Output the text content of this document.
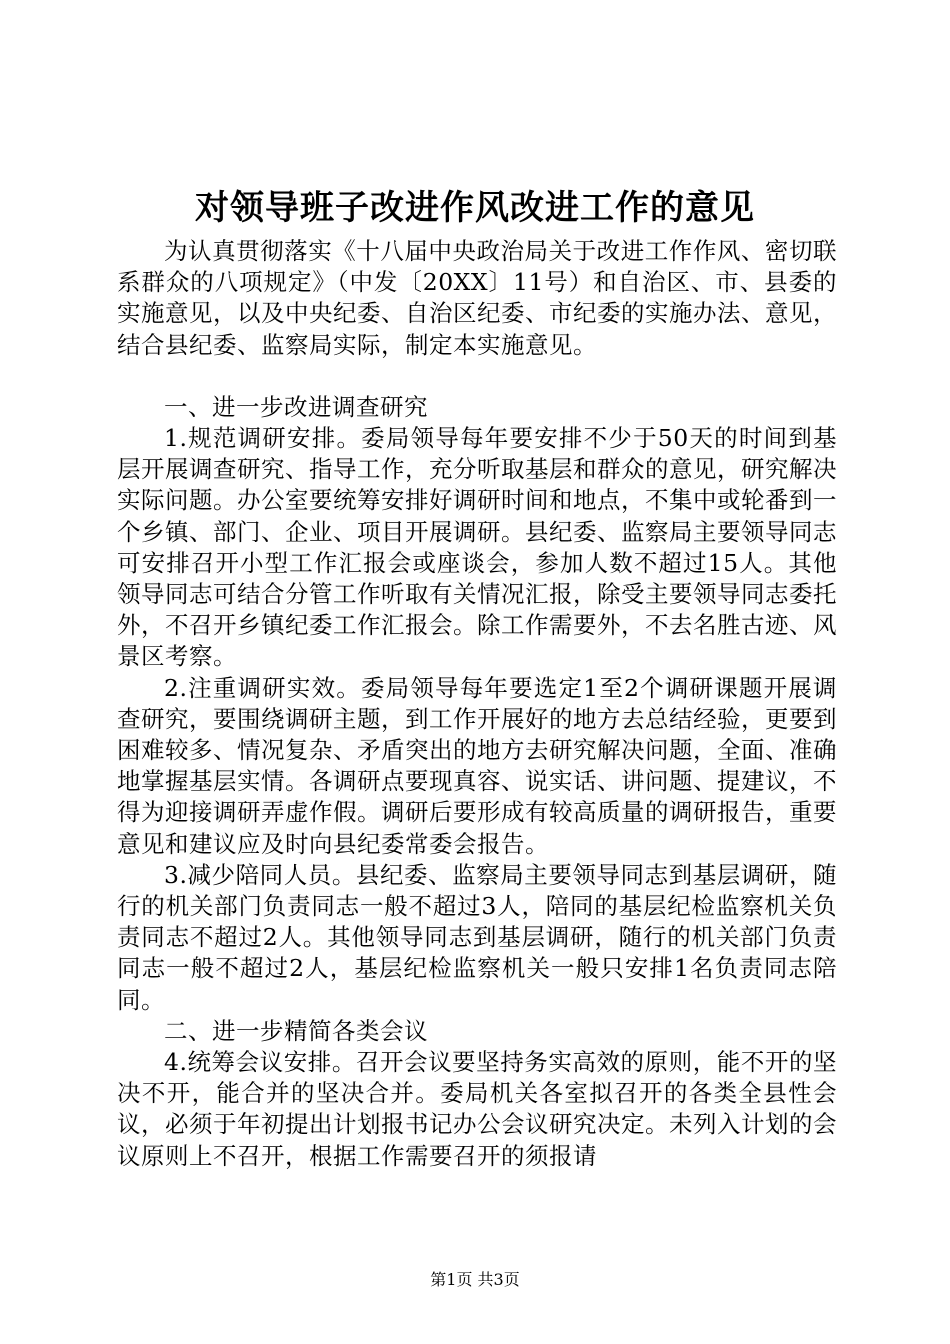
对领导班子改进作风改进工作的意见

为认真贯彻落实《十八届中央政治局关于改进工作作风、密切联系群众的八项规定》（中发〔20XX〕11号）和自治区、市、县委的实施意见，以及中央纪委、自治区纪委、市纪委的实施办法、意见，结合县纪委、监察局实际，制定本实施意见。

一、进一步改进调查研究

1.规范调研安排。委局领导每年要安排不少于50天的时间到基层开展调查研究、指导工作，充分听取基层和群众的意见，研究解决实际问题。办公室要统筹安排好调研时间和地点，不集中或轮番到一个乡镇、部门、企业、项目开展调研。县纪委、监察局主要领导同志可安排召开小型工作汇报会或座谈会，参加人数不超过15人。其他领导同志可结合分管工作听取有关情况汇报，除受主要领导同志委托外，不召开乡镇纪委工作汇报会。除工作需要外，不去名胜古迹、风景区考察。

2.注重调研实效。委局领导每年要选定1至2个调研课题开展调查研究，要围绕调研主题，到工作开展好的地方去总结经验，更要到困难较多、情况复杂、矛盾突出的地方去研究解决问题，全面、准确地掌握基层实情。各调研点要现真容、说实话、讲问题、提建议，不得为迎接调研弄虚作假。调研后要形成有较高质量的调研报告，重要意见和建议应及时向县纪委常委会报告。

3.减少陪同人员。县纪委、监察局主要领导同志到基层调研，随行的机关部门负责同志一般不超过3人，陪同的基层纪检监察机关负责同志不超过2人。其他领导同志到基层调研，随行的机关部门负责同志一般不超过2人，基层纪检监察机关一般只安排1名负责同志陪同。

二、进一步精简各类会议

4.统筹会议安排。召开会议要坚持务实高效的原则，能不开的坚决不开，能合并的坚决合并。委局机关各室拟召开的各类全县性会议，必须于年初提出计划报书记办公会议研究决定。未列入计划的会议原则上不召开，根据工作需要召开的须报请

第1页 共3页
